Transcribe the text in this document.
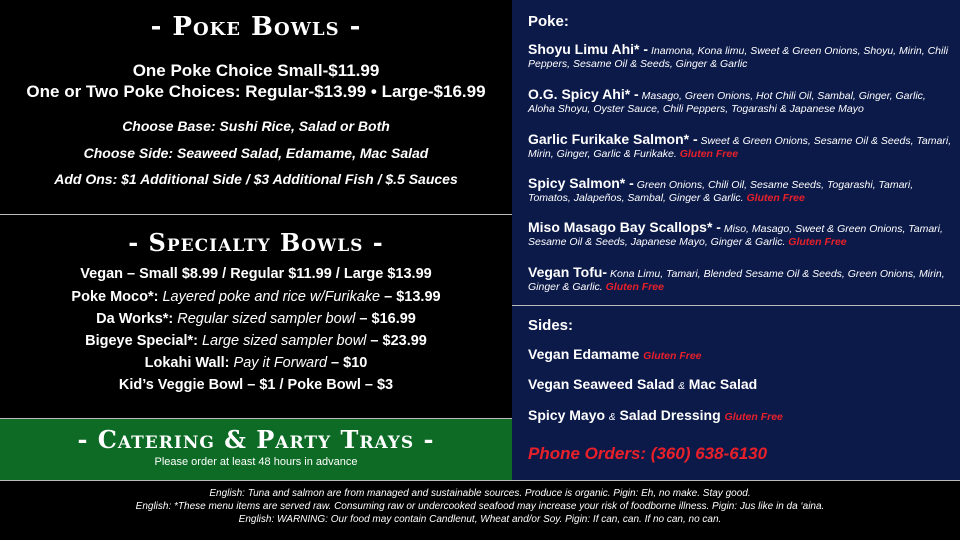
- Poke Bowls -
One Poke Choice Small-$11.99
One or Two Poke Choices: Regular-$13.99 • Large-$16.99
Choose Base: Sushi Rice, Salad or Both
Choose Side: Seaweed Salad, Edamame, Mac Salad
Add Ons: $1 Additional Side / $3 Additional Fish / $.5 Sauces
- Specialty Bowls -
Vegan – Small $8.99 / Regular $11.99 / Large $13.99
Poke Moco*: Layered poke and rice w/Furikake – $13.99
Da Works*: Regular sized sampler bowl – $16.99
Bigeye Special*: Large sized sampler bowl – $23.99
Lokahi Wall: Pay it Forward – $10
Kid’s Veggie Bowl – $1 / Poke Bowl – $3
- Catering & Party Trays -
Please order at least 48 hours in advance
Poke:
Shoyu Limu Ahi* - Inamona, Kona limu, Sweet & Green Onions, Shoyu, Mirin, Chili Peppers, Sesame Oil & Seeds, Ginger & Garlic
O.G. Spicy Ahi* - Masago, Green Onions, Hot Chili Oil, Sambal, Ginger, Garlic, Aloha Shoyu, Oyster Sauce, Chili Peppers, Togarashi & Japanese Mayo
Garlic Furikake Salmon* - Sweet & Green Onions, Sesame Oil & Seeds, Tamari, Mirin, Ginger, Garlic & Furikake. Gluten Free
Spicy Salmon* - Green Onions, Chili Oil, Sesame Seeds, Togarashi, Tamari, Tomatos, Jalapeños, Sambal, Ginger & Garlic. Gluten Free
Miso Masago Bay Scallops* - Miso, Masago, Sweet & Green Onions, Tamari, Sesame Oil & Seeds, Japanese Mayo, Ginger & Garlic. Gluten Free
Vegan Tofu- Kona Limu, Tamari, Blended Sesame Oil & Seeds, Green Onions, Mirin, Ginger & Garlic. Gluten Free
Sides:
Vegan Edamame Gluten Free
Vegan Seaweed Salad & Mac Salad
Spicy Mayo & Salad Dressing Gluten Free
Phone Orders: (360) 638-6130
English: Tuna and salmon are from managed and sustainable sources. Produce is organic. Pigin: Eh, no make. Stay good.
English: *These menu items are served raw. Consuming raw or undercooked seafood may increase your risk of foodborne illness. Pigin: Jus like in da ‘aina.
English: WARNING: Our food may contain Candlenut, Wheat and/or Soy. Pigin: If can, can. If no can, no can.
